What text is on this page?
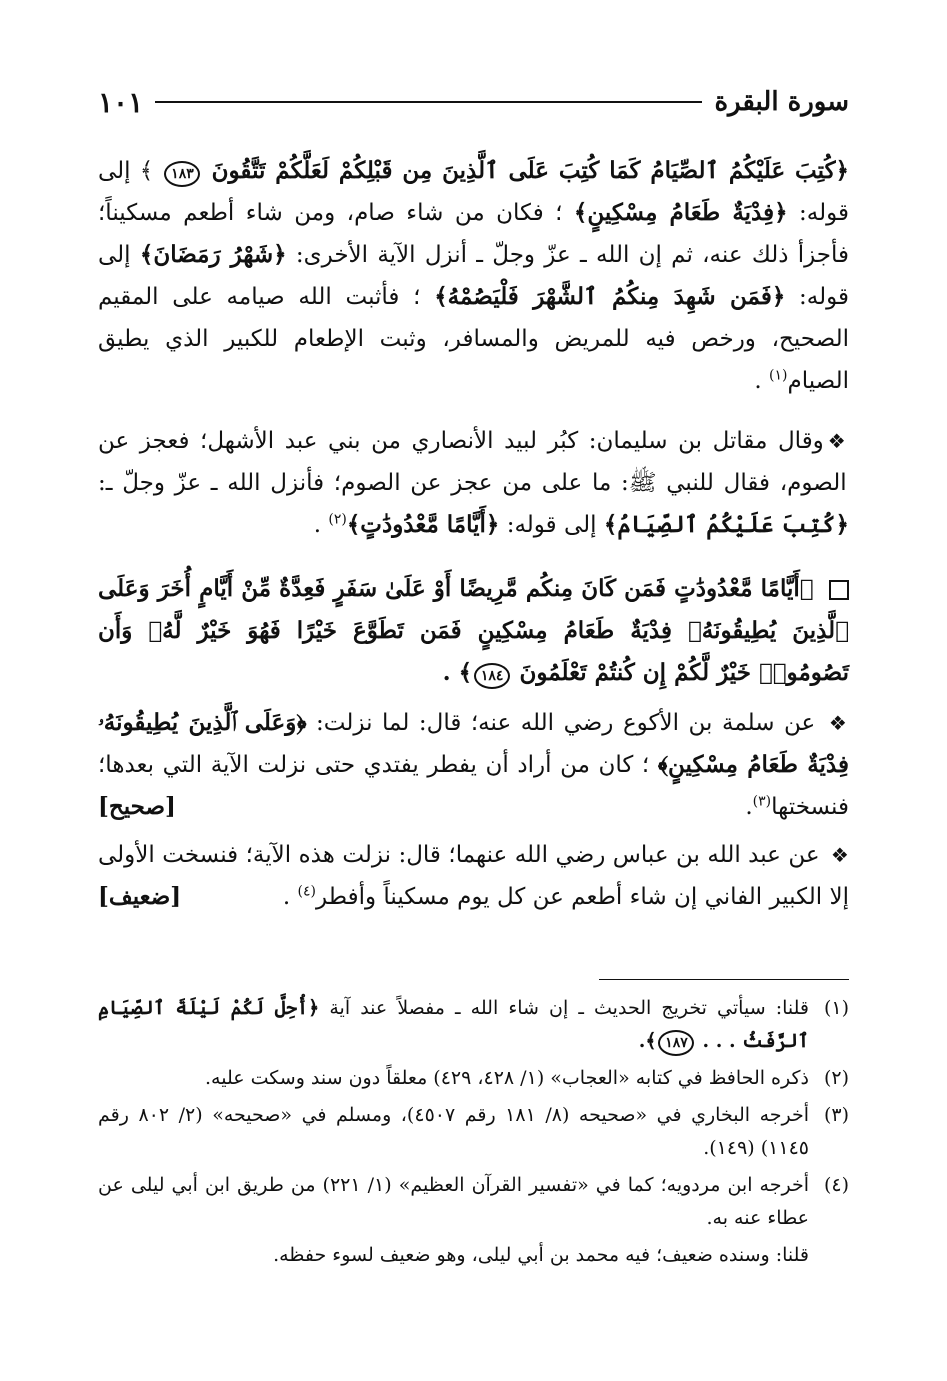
سورة البقرة
١٠١

﴿كُتِبَ عَلَيْكُمُ ٱلصِّيَامُ كَمَا كُتِبَ عَلَى ٱلَّذِينَ مِن قَبْلِكُمْ لَعَلَّكُمْ تَتَّقُونَ ١٨٣ ﴾ إلى قوله: ﴿فِدْيَةٌ طَعَامُ مِسْكِينٍ﴾ ؛ فكان من شاء صام، ومن شاء أطعم مسكيناً؛ فأجزأ ذلك عنه، ثم إن الله ـ عزّ وجلّ ـ أنزل الآية الأخرى: ﴿شَهْرُ رَمَضَانَ﴾ إلى قوله: ﴿فَمَن شَهِدَ مِنكُمُ ٱلشَّهْرَ فَلْيَصُمْهُ﴾ ؛ فأثبت الله صيامه على المقيم الصحيح، ورخص فيه للمريض والمسافر، وثبت الإطعام للكبير الذي يطيق الصيام$^{(١)}$ .

❖وقال مقاتل بن سليمان: كبُر لبيد الأنصاري من بني عبد الأشهل؛ فعجز عن الصوم، فقال للنبي ﷺ: ما على من عجز عن الصوم؛ فأنزل الله ـ عزّ وجلّ ـ: ﴿كُتِبَ عَلَيْكُمُ ٱلصِّيَامُ﴾ إلى قوله: ﴿أَيَّامًا مَّعْدُودَٰتٍ﴾$^{(٢)}$ .

﴿أَيَّامًا مَّعْدُودَٰتٍ فَمَن كَانَ مِنكُم مَّرِيضًا أَوْ عَلَىٰ سَفَرٍ فَعِدَّةٌ مِّنْ أَيَّامٍ أُخَرَ وَعَلَى ٱلَّذِينَ يُطِيقُونَهُۥ فِدْيَةٌ طَعَامُ مِسْكِينٍ فَمَن تَطَوَّعَ خَيْرًا فَهُوَ خَيْرٌ لَّهُۥ وَأَن تَصُومُوا۟ خَيْرٌ لَّكُمْ إِن كُنتُمْ تَعْلَمُونَ ١٨٤﴾ .

❖ عن سلمة بن الأكوع رضي الله عنه؛ قال: لما نزلت: ﴿وَعَلَى ٱلَّذِينَ يُطِيقُونَهُۥ فِدْيَةٌ طَعَامُ مِسْكِينٍ﴾ ؛ كان من أراد أن يفطر يفتدي حتى نزلت الآية التي بعدها؛ فنسختها$^{(٣)}$.
[صحيح]

❖ عن عبد الله بن عباس رضي الله عنهما؛ قال: نزلت هذه الآية؛ فنسخت الأولى إلا الكبير الفاني إن شاء أطعم عن كل يوم مسكيناً وأفطر$^{(٤)}$ .
[ضعيف]

(١)
قلنا: سيأتي تخريج الحديث ـ إن شاء الله ـ مفصلاً عند آية ﴿أُحِلَّ لَكُمْ لَيْلَةَ ٱلصِّيَامِ ٱلرَّفَثُ . . . ١٨٧﴾.
(٢)
ذكره الحافظ في كتابه «العجاب» (١/ ٤٢٨، ٤٢٩) معلقاً دون سند وسكت عليه.
(٣)
أخرجه البخاري في «صحيحه (٨/ ١٨١ رقم ٤٥٠٧)، ومسلم في «صحيحه» (٢/ ٨٠٢ رقم ١١٤٥) (١٤٩).
(٤)
أخرجه ابن مردويه؛ كما في «تفسير القرآن العظيم» (١/ ٢٢١) من طريق ابن أبي ليلى عن عطاء عنه به.
قلنا: وسنده ضعيف؛ فيه محمد بن أبي ليلى، وهو ضعيف لسوء حفظه.
